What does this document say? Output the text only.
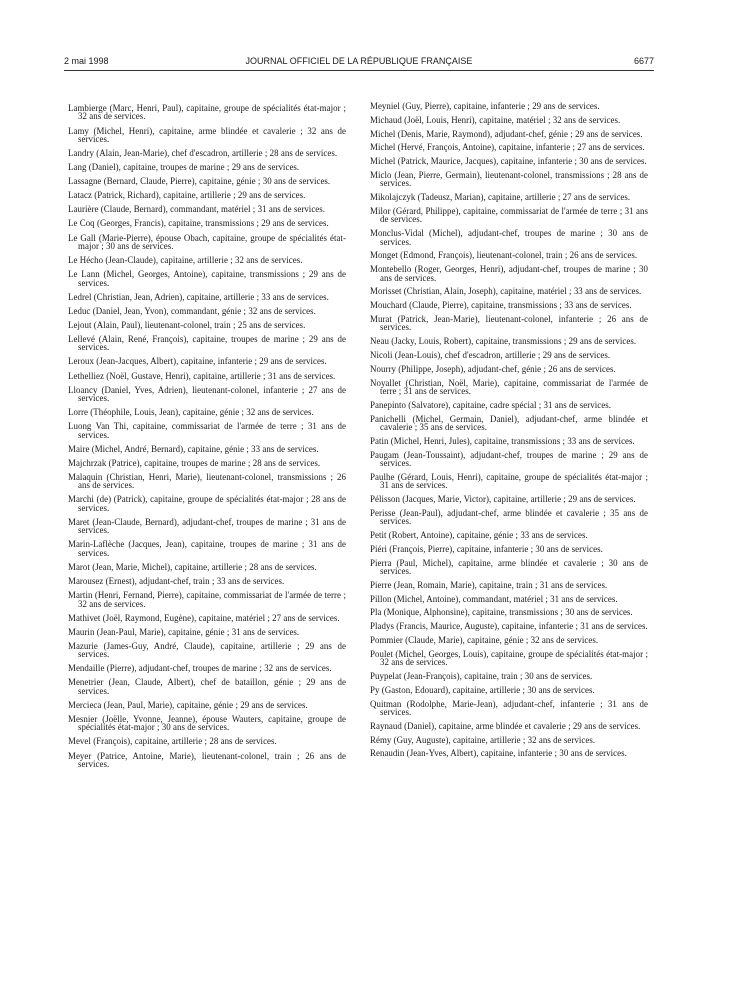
JOURNAL OFFICIEL DE LA RÉPUBLIQUE FRANÇAISE
2 mai 1998	6677

Lambierge (Marc, Henri, Paul), capitaine, groupe de spécialités état-major ; 32 ans de services.

Lamy (Michel, Henri), capitaine, arme blindée et cavalerie ; 32 ans de services.

Landry (Alain, Jean-Marie), chef d'escadron, artillerie ; 28 ans de services.

Lang (Daniel), capitaine, troupes de marine ; 29 ans de services.

Lassagne (Bernard, Claude, Pierre), capitaine, génie ; 30 ans de services.

Latacz (Patrick, Richard), capitaine, artillerie ; 29 ans de services.

Laurière (Claude, Bernard), commandant, matériel ; 31 ans de services.

Le Coq (Georges, Francis), capitaine, transmissions ; 29 ans de services.

Le Gall (Marie-Pierre), épouse Obach, capitaine, groupe de spécialités état-major ; 30 ans de services.

Le Hécho (Jean-Claude), capitaine, artillerie ; 32 ans de services.

Le Lann (Michel, Georges, Antoine), capitaine, transmissions ; 29 ans de services.

Ledrel (Christian, Jean, Adrien), capitaine, artillerie ; 33 ans de services.

Leduc (Daniel, Jean, Yvon), commandant, génie ; 32 ans de services.

Lejout (Alain, Paul), lieutenant-colonel, train ; 25 ans de services.

Lellevé (Alain, René, François), capitaine, troupes de marine ; 29 ans de services.

Leroux (Jean-Jacques, Albert), capitaine, infanterie ; 29 ans de services.

Lethelliez (Noël, Gustave, Henri), capitaine, artillerie ; 31 ans de services.

Lloancy (Daniel, Yves, Adrien), lieutenant-colonel, infanterie ; 27 ans de services.

Lorre (Théophile, Louis, Jean), capitaine, génie ; 32 ans de services.

Luong Van Thi, capitaine, commissariat de l'armée de terre ; 31 ans de services.

Maire (Michel, André, Bernard), capitaine, génie ; 33 ans de services.

Majchrzak (Patrice), capitaine, troupes de marine ; 28 ans de services.

Malaquin (Christian, Henri, Marie), lieutenant-colonel, transmissions ; 26 ans de services.

Marchi (de) (Patrick), capitaine, groupe de spécialités état-major ; 28 ans de services.

Maret (Jean-Claude, Bernard), adjudant-chef, troupes de marine ; 31 ans de services.

Marin-Laflèche (Jacques, Jean), capitaine, troupes de marine ; 31 ans de services.

Marot (Jean, Marie, Michel), capitaine, artillerie ; 28 ans de services.

Marousez (Ernest), adjudant-chef, train ; 33 ans de services.

Martin (Henri, Fernand, Pierre), capitaine, commissariat de l'armée de terre ; 32 ans de services.

Mathivet (Joël, Raymond, Eugène), capitaine, matériel ; 27 ans de services.

Maurin (Jean-Paul, Marie), capitaine, génie ; 31 ans de services.

Mazurie (James-Guy, André, Claude), capitaine, artillerie ; 29 ans de services.

Mendaille (Pierre), adjudant-chef, troupes de marine ; 32 ans de services.

Menetrier (Jean, Claude, Albert), chef de bataillon, génie ; 29 ans de services.

Mercieca (Jean, Paul, Marie), capitaine, génie ; 29 ans de services.

Mesnier (Joëlle, Yvonne, Jeanne), épouse Wauters, capitaine, groupe de spécialités état-major ; 30 ans de services.

Mevel (François), capitaine, artillerie ; 28 ans de services.

Meyer (Patrice, Antoine, Marie), lieutenant-colonel, train ; 26 ans de services.

Meyniel (Guy, Pierre), capitaine, infanterie ; 29 ans de services.

Michaud (Joël, Louis, Henri), capitaine, matériel ; 32 ans de services.

Michel (Denis, Marie, Raymond), adjudant-chef, génie ; 29 ans de services.

Michel (Hervé, François, Antoine), capitaine, infanterie ; 27 ans de services.

Michel (Patrick, Maurice, Jacques), capitaine, infanterie ; 30 ans de services.

Miclo (Jean, Pierre, Germain), lieutenant-colonel, transmissions ; 28 ans de services.

Mikolajczyk (Tadeusz, Marian), capitaine, artillerie ; 27 ans de services.

Milor (Gérard, Philippe), capitaine, commissariat de l'armée de terre ; 31 ans de services.

Monclus-Vidal (Michel), adjudant-chef, troupes de marine ; 30 ans de services.

Monget (Edmond, François), lieutenant-colonel, train ; 26 ans de services.

Montebello (Roger, Georges, Henri), adjudant-chef, troupes de marine ; 30 ans de services.

Morisset (Christian, Alain, Joseph), capitaine, matériel ; 33 ans de services.

Mouchard (Claude, Pierre), capitaine, transmissions ; 33 ans de services.

Murat (Patrick, Jean-Marie), lieutenant-colonel, infanterie ; 26 ans de services.

Neau (Jacky, Louis, Robert), capitaine, transmissions ; 29 ans de services.

Nicoli (Jean-Louis), chef d'escadron, artillerie ; 29 ans de services.

Nourry (Philippe, Joseph), adjudant-chef, génie ; 26 ans de services.

Noyallet (Christian, Noël, Marie), capitaine, commissariat de l'armée de terre ; 31 ans de services.

Panepinto (Salvatore), capitaine, cadre spécial ; 31 ans de services.

Panichelli (Michel, Germain, Daniel), adjudant-chef, arme blindée et cavalerie ; 35 ans de services.

Patin (Michel, Henri, Jules), capitaine, transmissions ; 33 ans de services.

Paugam (Jean-Toussaint), adjudant-chef, troupes de marine ; 29 ans de services.

Paulhe (Gérard, Louis, Henri), capitaine, groupe de spécialités état-major ; 31 ans de services.

Pélisson (Jacques, Marie, Victor), capitaine, artillerie ; 29 ans de services.

Perisse (Jean-Paul), adjudant-chef, arme blindée et cavalerie ; 35 ans de services.

Petit (Robert, Antoine), capitaine, génie ; 33 ans de services.

Piéri (François, Pierre), capitaine, infanterie ; 30 ans de services.

Pierra (Paul, Michel), capitaine, arme blindée et cavalerie ; 30 ans de services.

Pierre (Jean, Romain, Marie), capitaine, train ; 31 ans de services.

Pillon (Michel, Antoine), commandant, matériel ; 31 ans de services.

Pla (Monique, Alphonsine), capitaine, transmissions ; 30 ans de services.

Pladys (Francis, Maurice, Auguste), capitaine, infanterie ; 31 ans de services.

Pommier (Claude, Marie), capitaine, génie ; 32 ans de services.

Poulet (Michel, Georges, Louis), capitaine, groupe de spécialités état-major ; 32 ans de services.

Puypelat (Jean-François), capitaine, train ; 30 ans de services.

Py (Gaston, Edouard), capitaine, artillerie ; 30 ans de services.

Quitman (Rodolphe, Marie-Jean), adjudant-chef, infanterie ; 31 ans de services.

Raynaud (Daniel), capitaine, arme blindée et cavalerie ; 29 ans de services.

Rémy (Guy, Auguste), capitaine, artillerie ; 32 ans de services.

Renaudin (Jean-Yves, Albert), capitaine, infanterie ; 30 ans de services.
